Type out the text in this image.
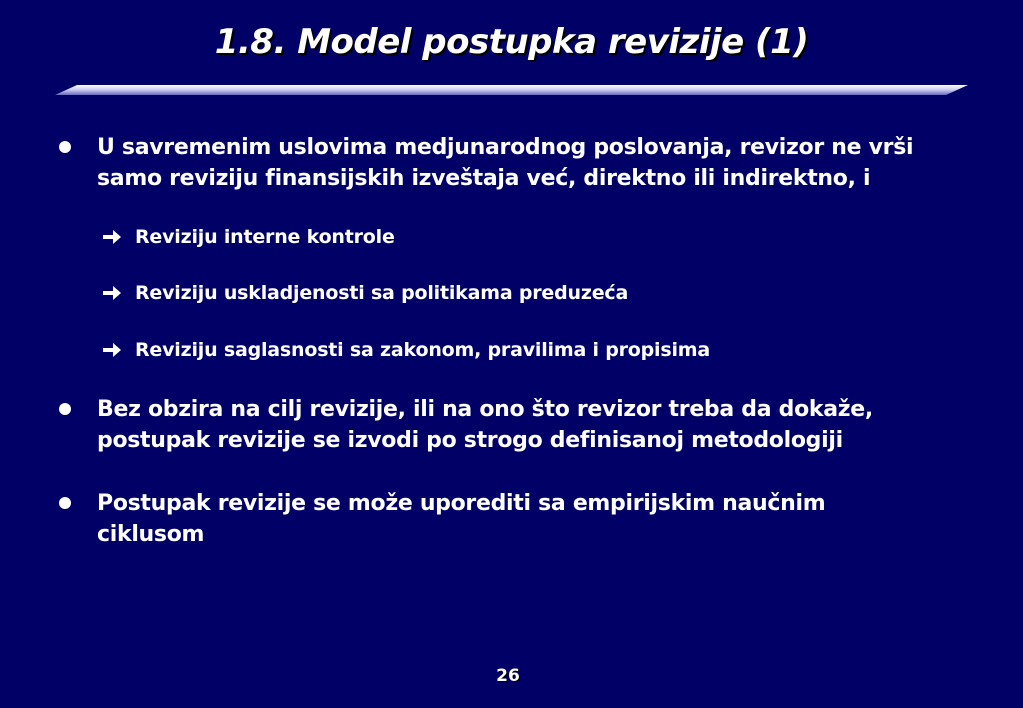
1.8. Model postupka revizije (1)
U savremenim uslovima medjunarodnog poslovanja, revizor ne vrši
samo reviziju finansijskih izveštaja već, direktno ili indirektno, i
Reviziju interne kontrole
Reviziju uskladjenosti sa politikama preduzeća
Reviziju saglasnosti sa zakonom, pravilima i propisima
Bez obzira na cilj revizije, ili na ono što revizor treba da dokaže,
postupak revizije se izvodi po strogo definisanoj metodologiji
Postupak revizije se može uporediti sa empirijskim naučnim
ciklusom
26
